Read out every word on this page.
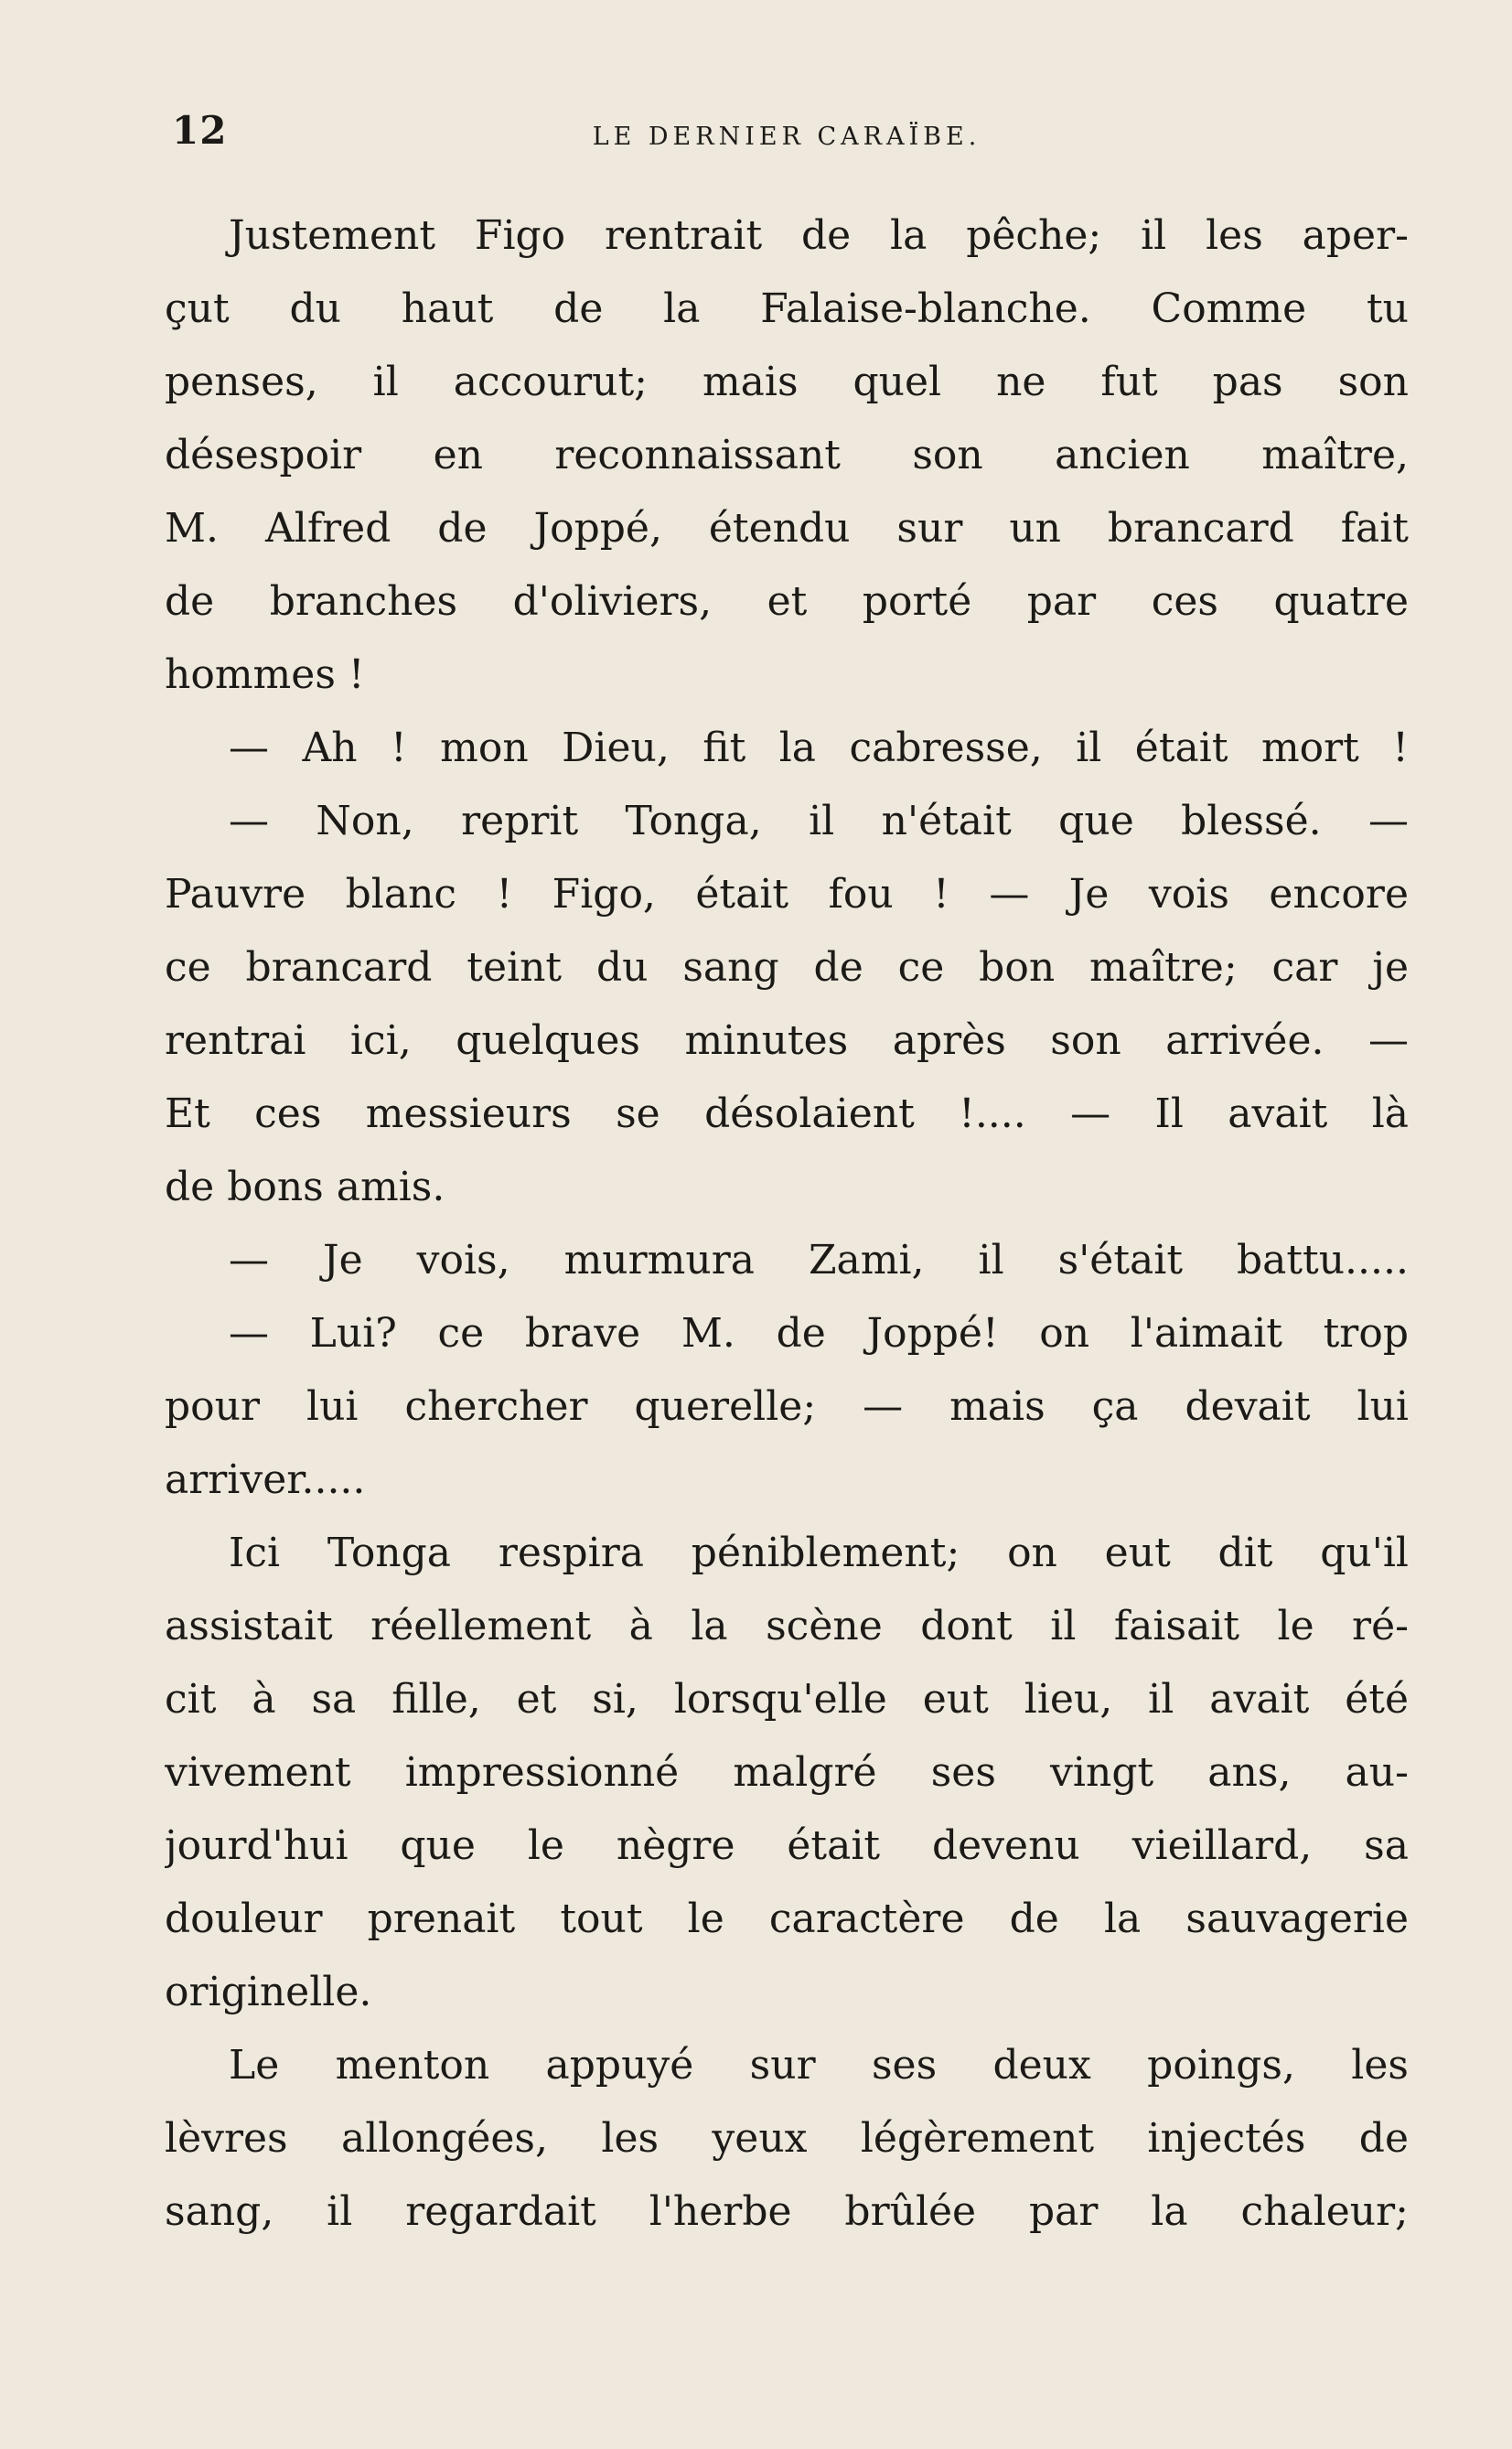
12	LE DERNIER CARAÏBE.
Justement Figo rentrait de la pêche; il les aper-
çut du haut de la Falaise-blanche. Comme tu
penses, il accourut; mais quel ne fut pas son
désespoir en reconnaissant son ancien maître,
M. Alfred de Joppé, étendu sur un brancard fait
de branches d'oliviers, et porté par ces quatre
hommes !
— Ah ! mon Dieu, fit la cabresse, il était mort !
— Non, reprit Tonga, il n'était que blessé. —
Pauvre blanc ! Figo, était fou ! — Je vois encore
ce brancard teint du sang de ce bon maître; car je
rentrai ici, quelques minutes après son arrivée. —
Et ces messieurs se désolaient !.... — Il avait là
de bons amis.
— Je vois, murmura Zami, il s'était battu.....
— Lui? ce brave M. de Joppé! on l'aimait trop
pour lui chercher querelle; — mais ça devait lui
arriver.....
Ici Tonga respira péniblement; on eut dit qu'il
assistait réellement à la scène dont il faisait le ré-
cit à sa fille, et si, lorsqu'elle eut lieu, il avait été
vivement impressionné malgré ses vingt ans, au-
jourd'hui que le nègre était devenu vieillard, sa
douleur prenait tout le caractère de la sauvagerie
originelle.
Le menton appuyé sur ses deux poings, les
lèvres allongées, les yeux légèrement injectés de
sang, il regardait l'herbe brûlée par la chaleur;
